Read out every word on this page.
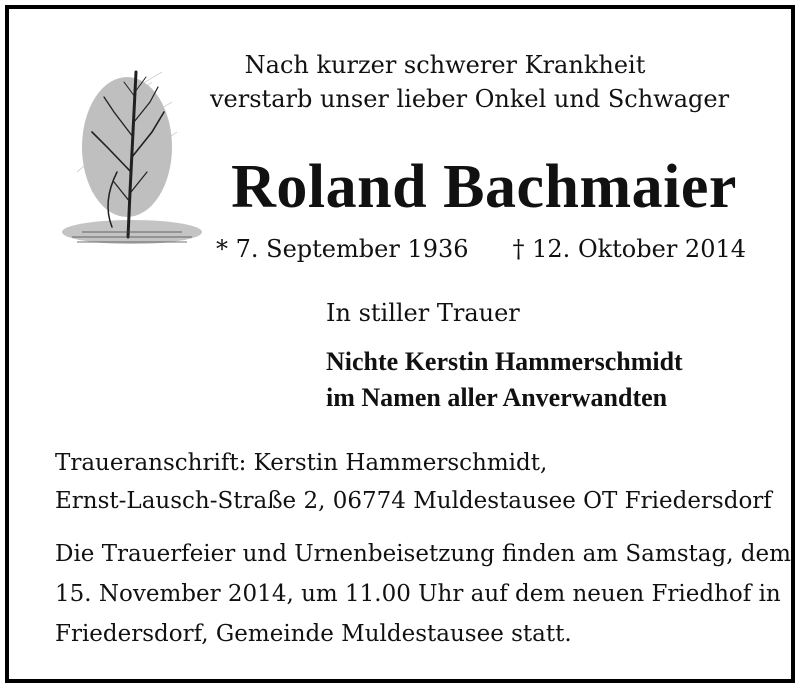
Nach kurzer schwerer Krankheit
verstarb unser lieber Onkel und Schwager
Roland Bachmaier
* 7. September 1936 † 12. Oktober 2014
In stiller Trauer
Nichte Kerstin Hammerschmidt
im Namen aller Anverwandten
Traueranschrift: Kerstin Hammerschmidt,
Ernst-Lausch-Straße 2, 06774 Muldestausee OT Friedersdorf
Die Trauerfeier und Urnenbeisetzung finden am Samstag, dem
15. November 2014, um 11.00 Uhr auf dem neuen Friedhof in
Friedersdorf, Gemeinde Muldestausee statt.
